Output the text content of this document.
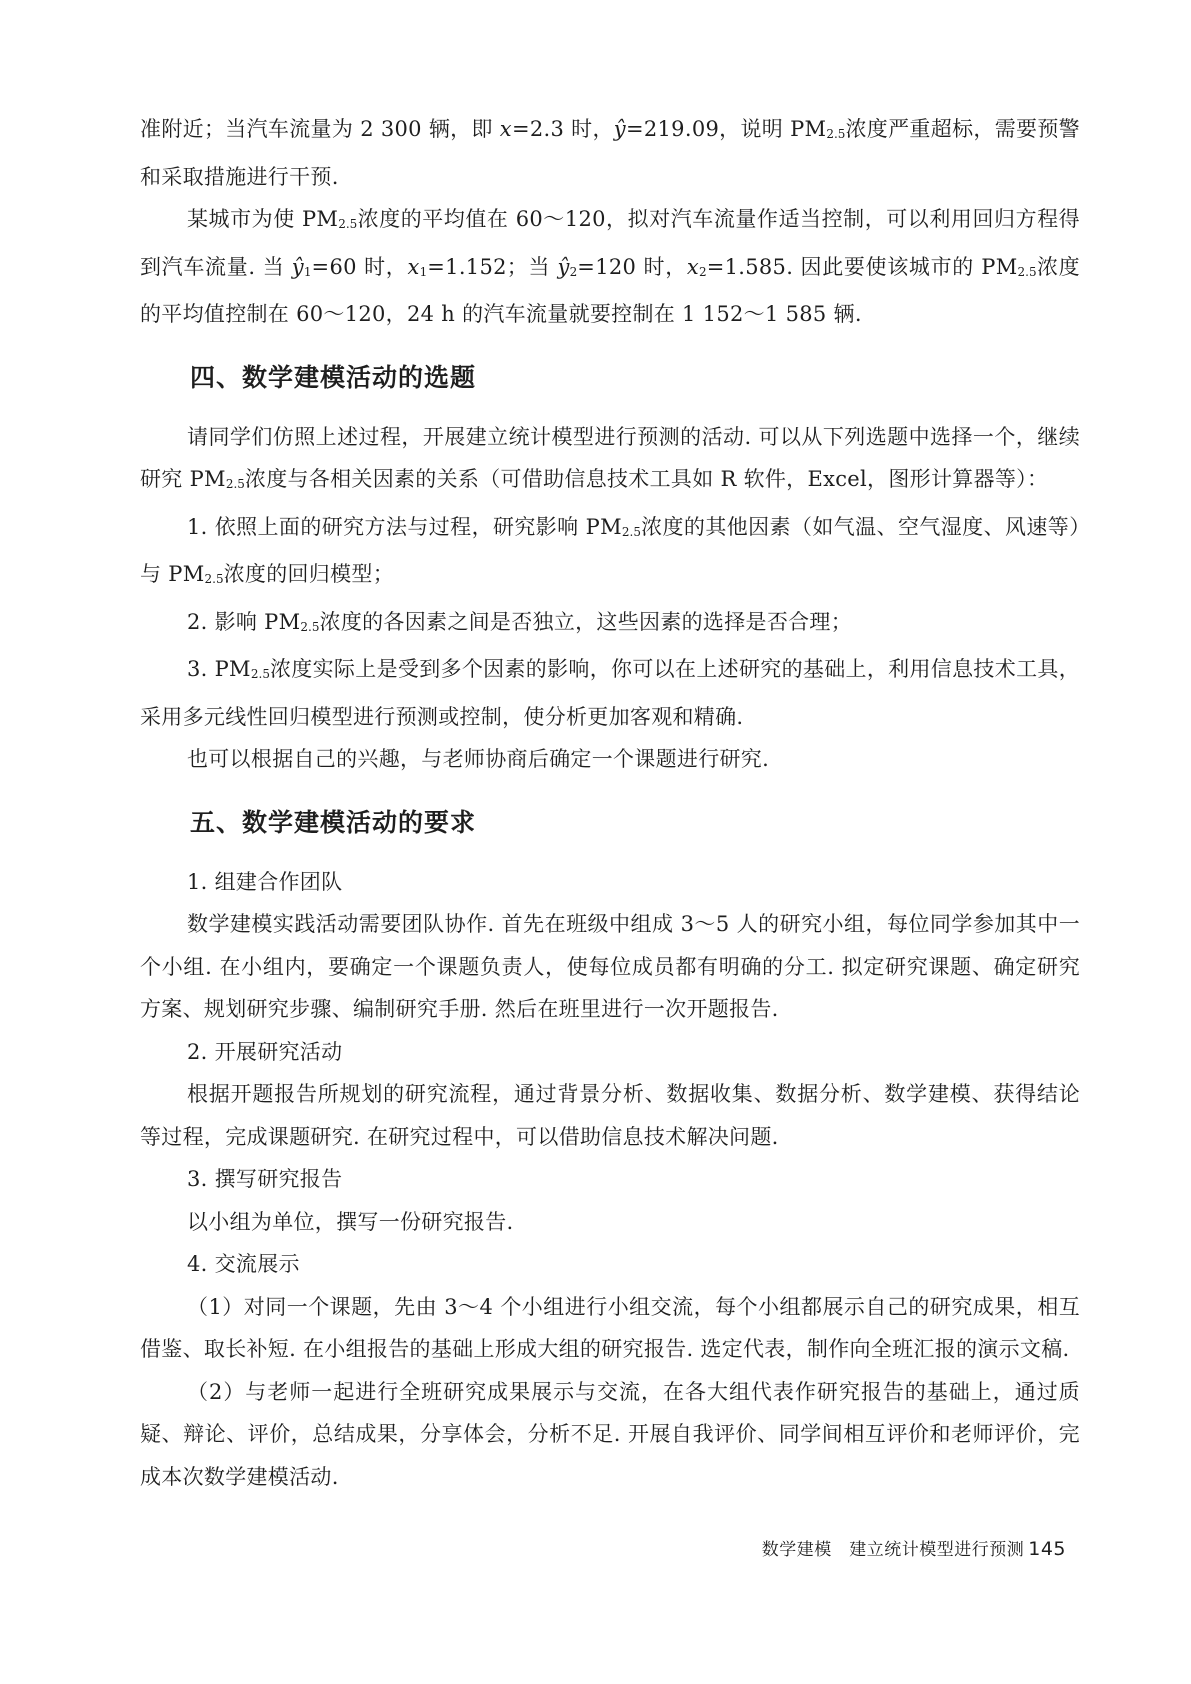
准附近；当汽车流量为 2 300 辆，即 x=2.3 时，ŷ=219.09，说明 $PM_{2.5}$浓度严重超标，需要预警和采取措施进行干预.

某城市为使 $PM_{2.5}$浓度的平均值在 60～120，拟对汽车流量作适当控制，可以利用回归方程得到汽车流量. 当 $ŷ_1=60$ 时，$x_1=1.152$；当 $ŷ_2=120$ 时，$x_2=1.585$. 因此要使该城市的 $PM_{2.5}$浓度的平均值控制在 60～120，24 h 的汽车流量就要控制在 1 152～1 585 辆.

四、数学建模活动的选题

请同学们仿照上述过程，开展建立统计模型进行预测的活动. 可以从下列选题中选择一个，继续研究 $PM_{2.5}$浓度与各相关因素的关系（可借助信息技术工具如 R 软件，Excel，图形计算器等）：

1. 依照上面的研究方法与过程，研究影响 $PM_{2.5}$浓度的其他因素（如气温、空气湿度、风速等）与 $PM_{2.5}$浓度的回归模型；

2. 影响 $PM_{2.5}$浓度的各因素之间是否独立，这些因素的选择是否合理；

3. $PM_{2.5}$浓度实际上是受到多个因素的影响，你可以在上述研究的基础上，利用信息技术工具，采用多元线性回归模型进行预测或控制，使分析更加客观和精确.

也可以根据自己的兴趣，与老师协商后确定一个课题进行研究.

五、数学建模活动的要求

1. 组建合作团队

数学建模实践活动需要团队协作. 首先在班级中组成 3～5 人的研究小组，每位同学参加其中一个小组. 在小组内，要确定一个课题负责人，使每位成员都有明确的分工. 拟定研究课题、确定研究方案、规划研究步骤、编制研究手册. 然后在班里进行一次开题报告.

2. 开展研究活动

根据开题报告所规划的研究流程，通过背景分析、数据收集、数据分析、数学建模、获得结论等过程，完成课题研究. 在研究过程中，可以借助信息技术解决问题.

3. 撰写研究报告

以小组为单位，撰写一份研究报告.

4. 交流展示

（1）对同一个课题，先由 3～4 个小组进行小组交流，每个小组都展示自己的研究成果，相互借鉴、取长补短. 在小组报告的基础上形成大组的研究报告. 选定代表，制作向全班汇报的演示文稿.

（2）与老师一起进行全班研究成果展示与交流，在各大组代表作研究报告的基础上，通过质疑、辩论、评价，总结成果，分享体会，分析不足. 开展自我评价、同学间相互评价和老师评价，完成本次数学建模活动.

数学建模　建立统计模型进行预测 145
